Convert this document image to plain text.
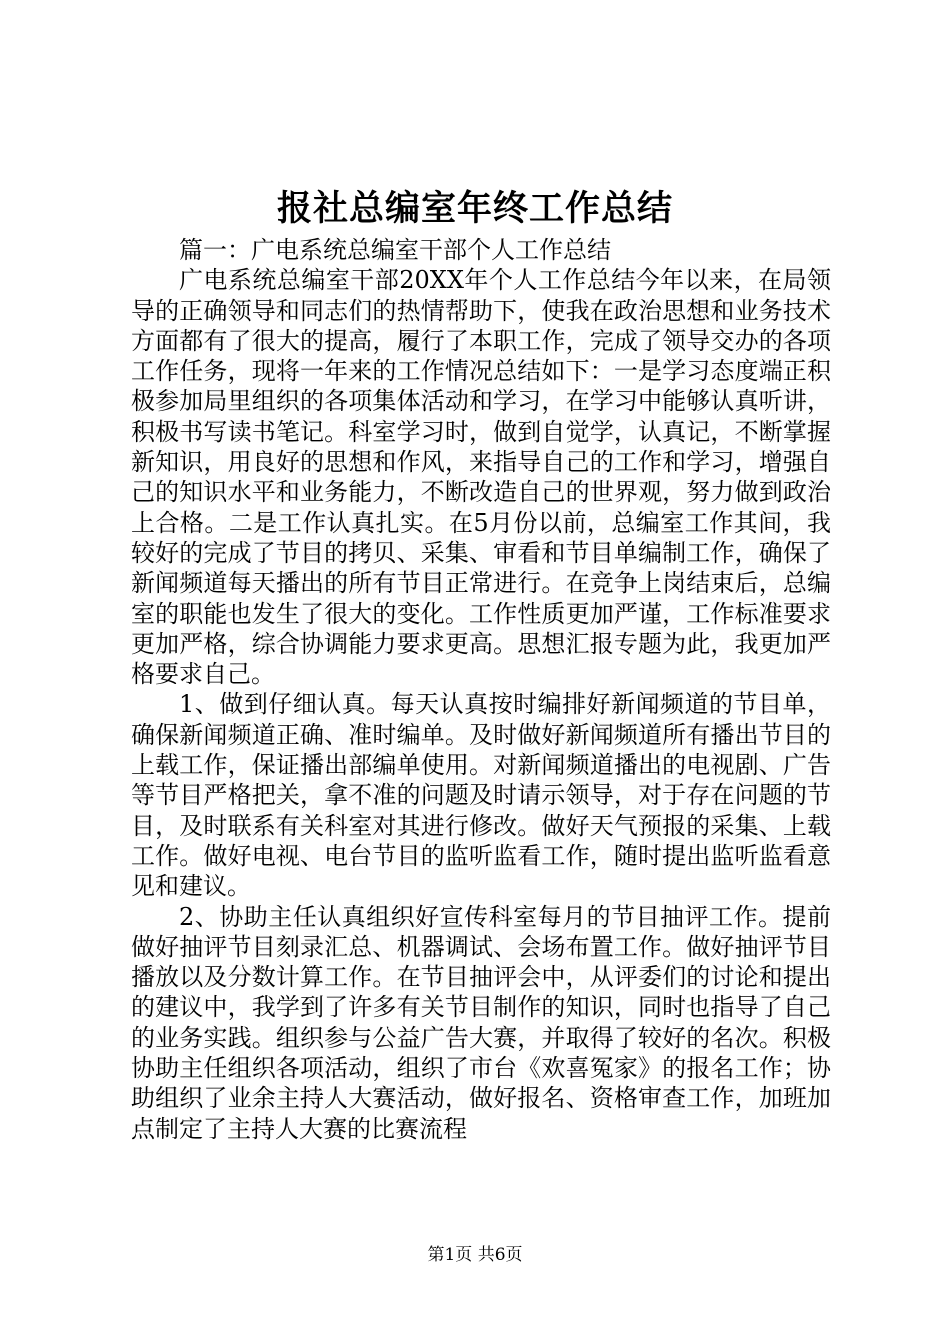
报社总编室年终工作总结

篇一：广电系统总编室干部个人工作总结

广电系统总编室干部20XX年个人工作总结今年以来，在局领导的正确领导和同志们的热情帮助下，使我在政治思想和业务技术方面都有了很大的提高，履行了本职工作，完成了领导交办的各项工作任务，现将一年来的工作情况总结如下：一是学习态度端正积极参加局里组织的各项集体活动和学习，在学习中能够认真听讲，积极书写读书笔记。科室学习时，做到自觉学，认真记，不断掌握新知识，用良好的思想和作风，来指导自己的工作和学习，增强自己的知识水平和业务能力，不断改造自己的世界观，努力做到政治上合格。二是工作认真扎实。在5月份以前，总编室工作其间，我较好的完成了节目的拷贝、采集、审看和节目单编制工作，确保了新闻频道每天播出的所有节目正常进行。在竞争上岗结束后，总编室的职能也发生了很大的变化。工作性质更加严谨，工作标准要求更加严格，综合协调能力要求更高。思想汇报专题为此，我更加严格要求自己。

1、做到仔细认真。每天认真按时编排好新闻频道的节目单，确保新闻频道正确、准时编单。及时做好新闻频道所有播出节目的上载工作，保证播出部编单使用。对新闻频道播出的电视剧、广告等节目严格把关，拿不准的问题及时请示领导，对于存在问题的节目，及时联系有关科室对其进行修改。做好天气预报的采集、上载工作。做好电视、电台节目的监听监看工作，随时提出监听监看意见和建议。

2、协助主任认真组织好宣传科室每月的节目抽评工作。提前做好抽评节目刻录汇总、机器调试、会场布置工作。做好抽评节目播放以及分数计算工作。在节目抽评会中，从评委们的讨论和提出的建议中，我学到了许多有关节目制作的知识，同时也指导了自己的业务实践。组织参与公益广告大赛，并取得了较好的名次。积极协助主任组织各项活动，组织了市台《欢喜冤家》的报名工作；协助组织了业余主持人大赛活动，做好报名、资格审查工作，加班加点制定了主持人大赛的比赛流程

第1页 共6页
